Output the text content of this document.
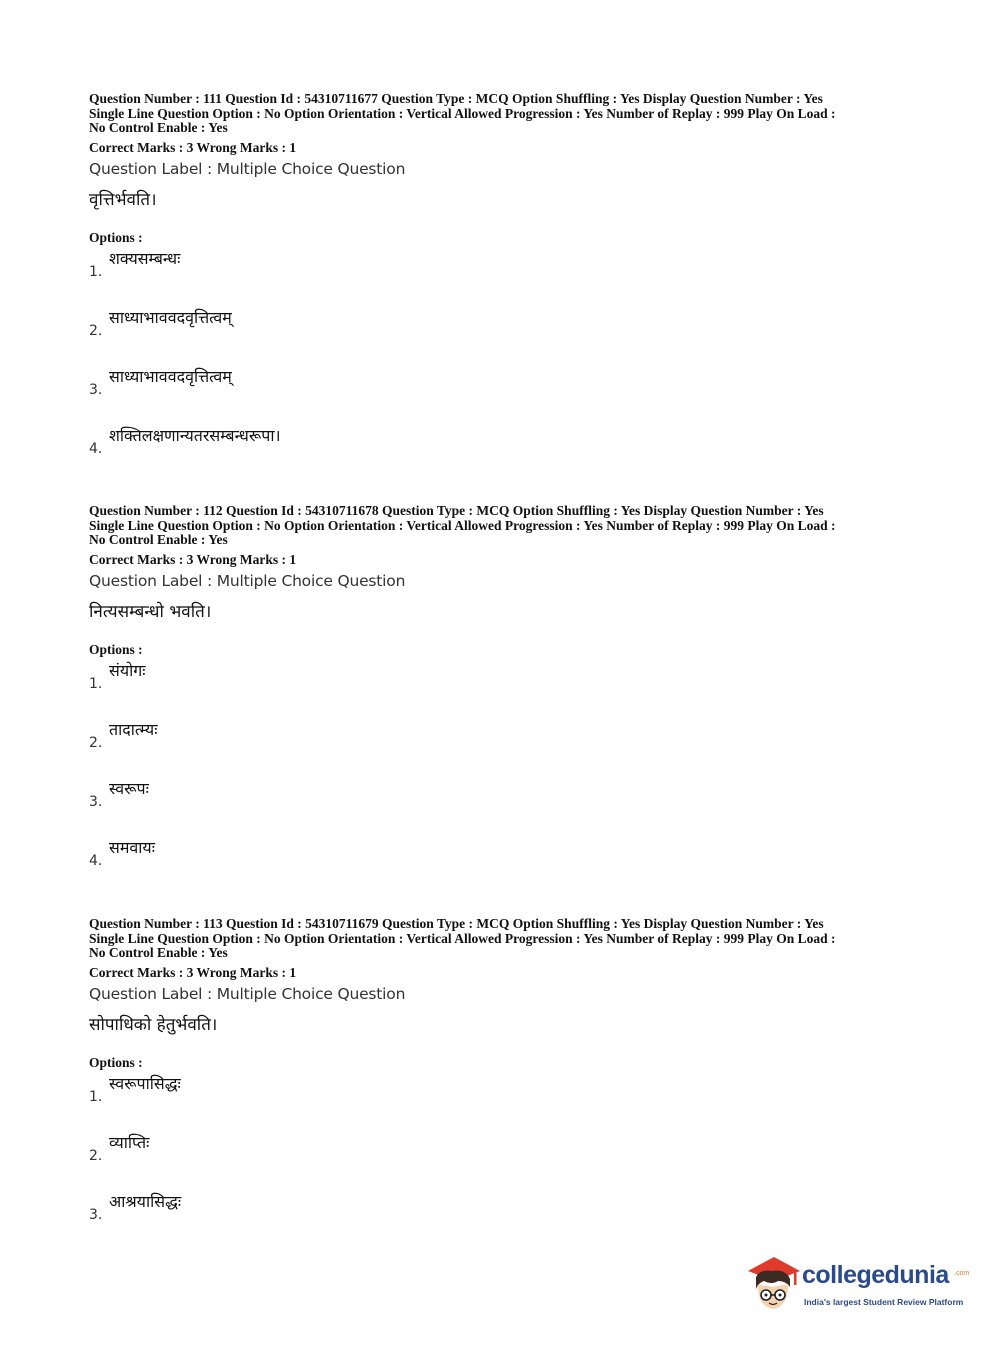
Question Number : 111 Question Id : 54310711677 Question Type : MCQ Option Shuffling : Yes Display Question Number : Yes
Single Line Question Option : No Option Orientation : Vertical Allowed Progression : Yes Number of Replay : 999 Play On Load :
No Control Enable : Yes

Correct Marks : 3 Wrong Marks : 1
Question Label : Multiple Choice Question
वृत्तिर्भवति।
Options :
1.
शक्यसम्बन्धः
2.
साध्याभाववदवृत्तित्वम्
3.
साध्याभाववदवृत्तित्वम्
4.
शक्तिलक्षणान्यतरसम्बन्धरूपा।

Question Number : 112 Question Id : 54310711678 Question Type : MCQ Option Shuffling : Yes Display Question Number : Yes
Single Line Question Option : No Option Orientation : Vertical Allowed Progression : Yes Number of Replay : 999 Play On Load :
No Control Enable : Yes

Correct Marks : 3 Wrong Marks : 1
Question Label : Multiple Choice Question
नित्यसम्बन्धो भवति।
Options :
1.
संयोगः
2.
तादात्म्यः
3.
स्वरूपः
4.
समवायः

Question Number : 113 Question Id : 54310711679 Question Type : MCQ Option Shuffling : Yes Display Question Number : Yes
Single Line Question Option : No Option Orientation : Vertical Allowed Progression : Yes Number of Replay : 999 Play On Load :
No Control Enable : Yes

Correct Marks : 3 Wrong Marks : 1
Question Label : Multiple Choice Question
सोपाधिको हेतुर्भवति।
Options :
1.
स्वरूपासिद्धः
2.
व्याप्तिः
3.
आश्रयासिद्धः
collegedunia .com
India's largest Student Review Platform
